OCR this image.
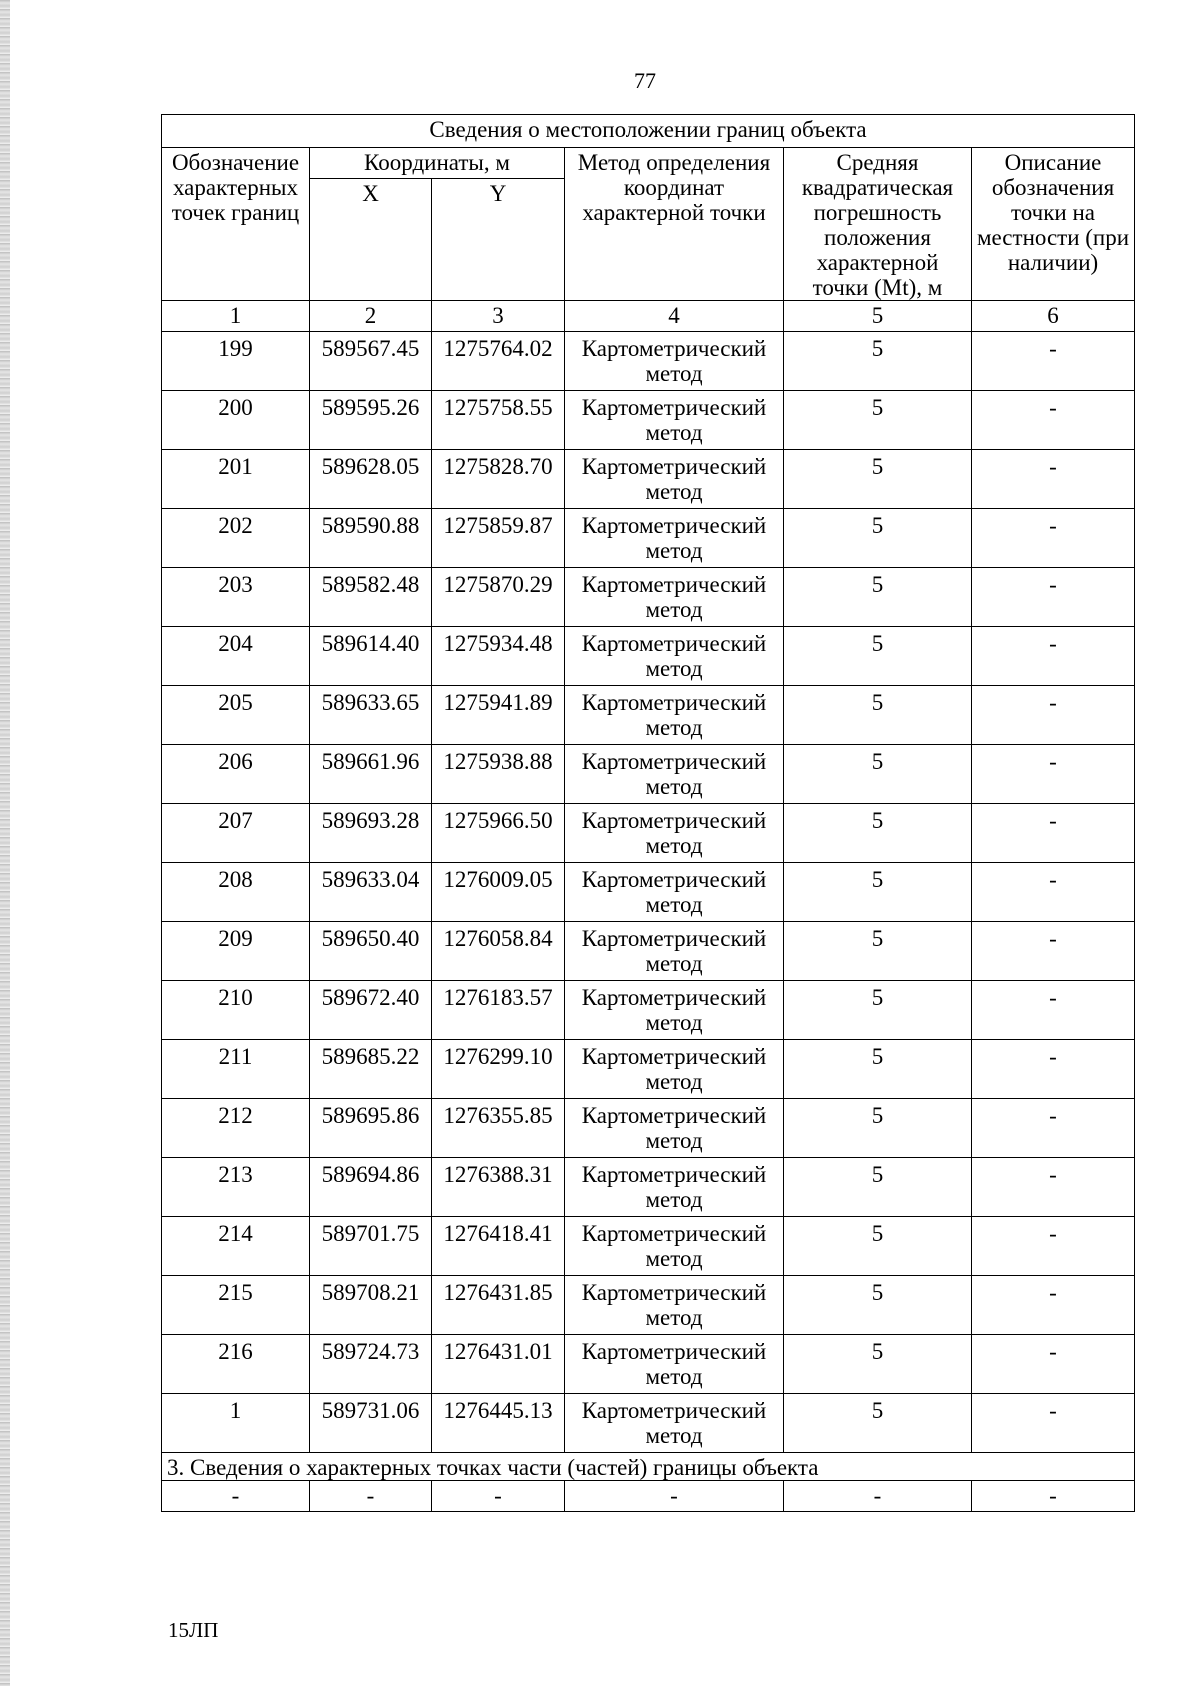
77
Сведения о местоположении границ объекта					
Обозначение характерных точек границ	Координаты, м		Метод определения координат характерной точки	Средняя квадратическая погрешность положения характерной точки (Mt), м	Описание обозначения точки на местности (при наличии)
	X	Y			
1	2	3	4	5	6
199	589567.45	1275764.02	Картометрический метод	5	-
200	589595.26	1275758.55	Картометрический метод	5	-
201	589628.05	1275828.70	Картометрический метод	5	-
202	589590.88	1275859.87	Картометрический метод	5	-
203	589582.48	1275870.29	Картометрический метод	5	-
204	589614.40	1275934.48	Картометрический метод	5	-
205	589633.65	1275941.89	Картометрический метод	5	-
206	589661.96	1275938.88	Картометрический метод	5	-
207	589693.28	1275966.50	Картометрический метод	5	-
208	589633.04	1276009.05	Картометрический метод	5	-
209	589650.40	1276058.84	Картометрический метод	5	-
210	589672.40	1276183.57	Картометрический метод	5	-
211	589685.22	1276299.10	Картометрический метод	5	-
212	589695.86	1276355.85	Картометрический метод	5	-
213	589694.86	1276388.31	Картометрический метод	5	-
214	589701.75	1276418.41	Картометрический метод	5	-
215	589708.21	1276431.85	Картометрический метод	5	-
216	589724.73	1276431.01	Картометрический метод	5	-
1	589731.06	1276445.13	Картометрический метод	5	-
3. Сведения о характерных точках части (частей) границы объекта					
-	-	-	-	-	-
15ЛП
